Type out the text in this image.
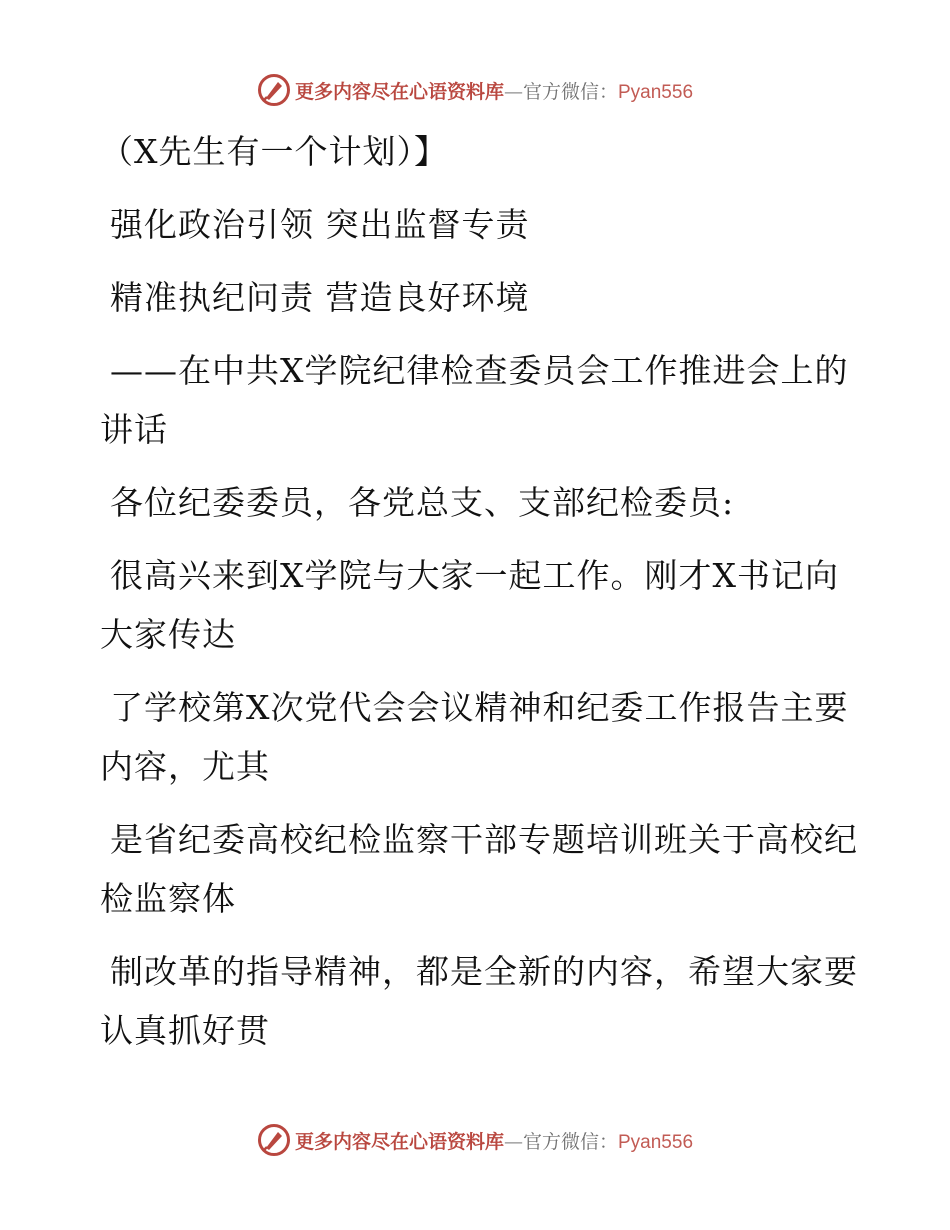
更多内容尽在心语资料库—官方微信：Pyan556

（X先生有一个计划）】

强化政治引领 突出监督专责

精准执纪问责 营造良好环境

——在中共X学院纪律检查委员会工作推进会上的讲话

各位纪委委员，各党总支、支部纪检委员:

很高兴来到X学院与大家一起工作。刚才X书记向大家传达

了学校第X次党代会会议精神和纪委工作报告主要内容，尤其

是省纪委高校纪检监察干部专题培训班关于高校纪检监察体

制改革的指导精神，都是全新的内容，希望大家要认真抓好贯

更多内容尽在心语资料库—官方微信：Pyan556
